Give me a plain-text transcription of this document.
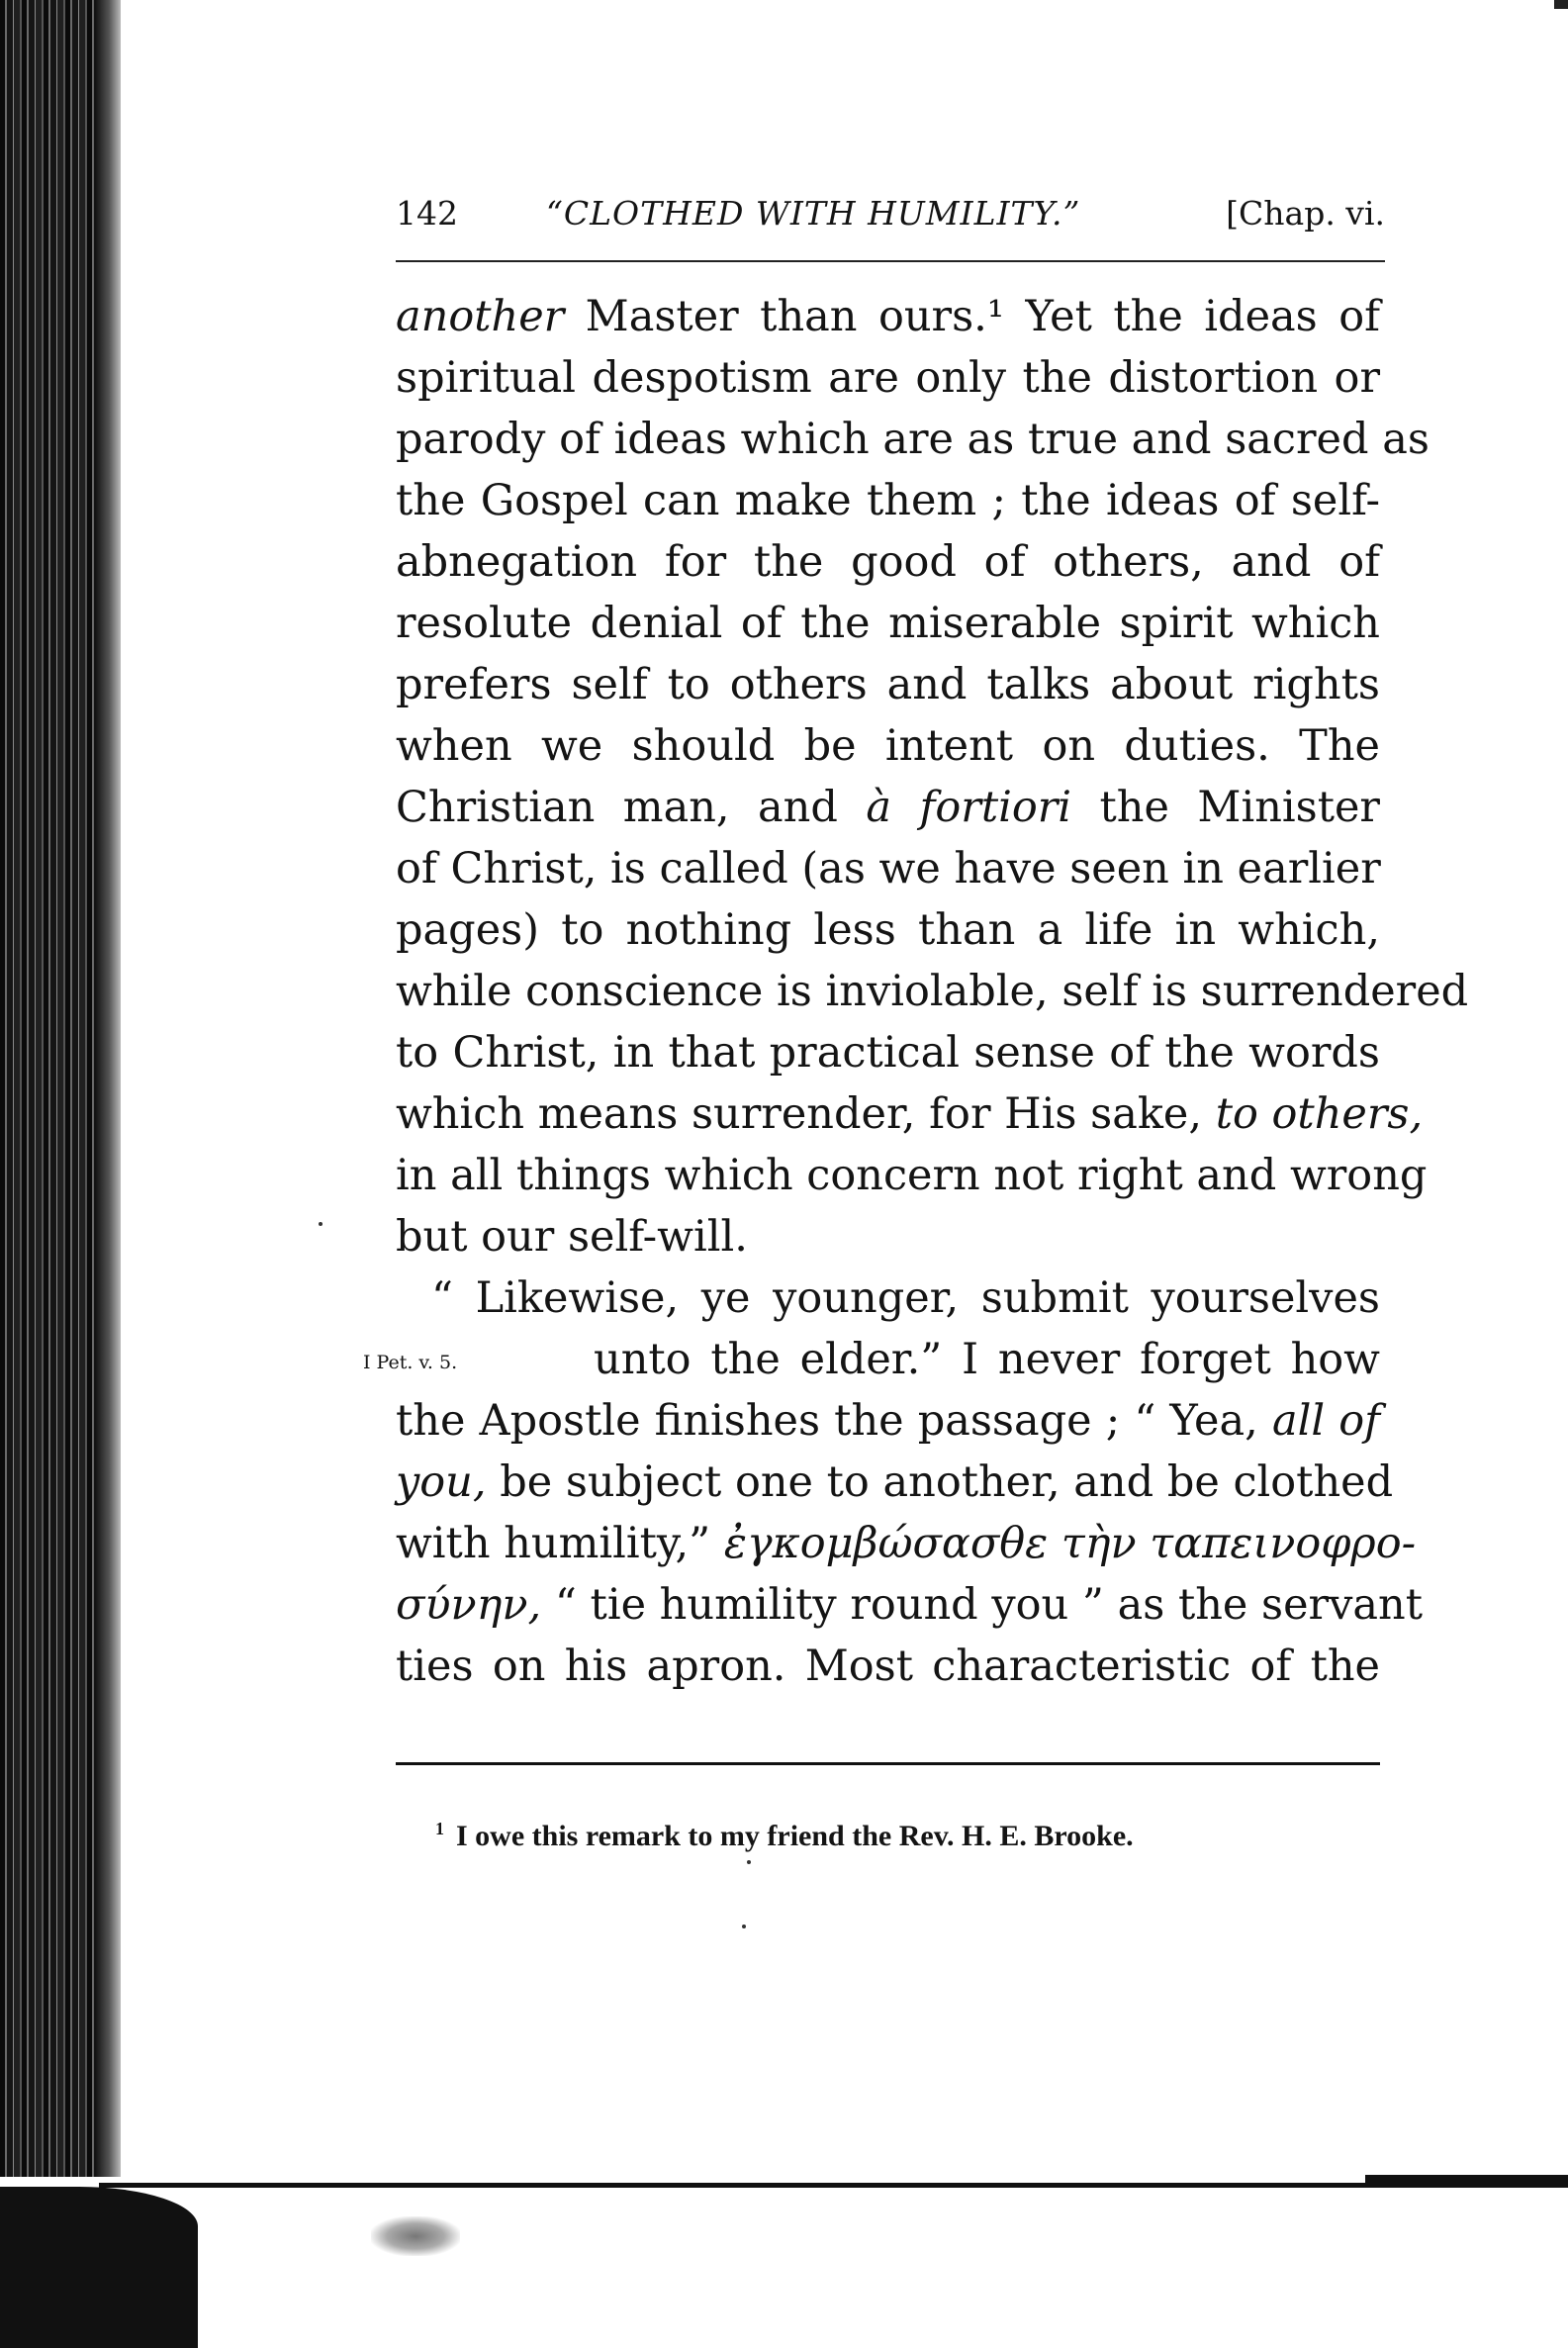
142	“CLOTHED WITH HUMILITY.”	[Chap. vi.
I Pet. v. 5.
another Master than ours.¹ Yet the ideas of
spiritual despotism are only the distortion or
parody of ideas which are as true and sacred as
the Gospel can make them ; the ideas of self-
abnegation for the good of others, and of
resolute denial of the miserable spirit which
prefers self to others and talks about rights
when we should be intent on duties. The
Christian man, and à fortiori the Minister
of Christ, is called (as we have seen in earlier
pages) to nothing less than a life in which,
while conscience is inviolable, self is surrendered
to Christ, in that practical sense of the words
which means surrender, for His sake, to others,
in all things which concern not right and wrong
but our self-will.
“ Likewise, ye younger, submit yourselves
unto the elder.” I never forget how
the Apostle finishes the passage ; “ Yea, all of
you, be subject one to another, and be clothed
with humility,” ἐγκομβώσασθε τὴν ταπεινοφρο-
σύνην, “ tie humility round you ” as the servant
ties on his apron. Most characteristic of the
$^1$ I owe this remark to my friend the Rev. H. E. Brooke.
